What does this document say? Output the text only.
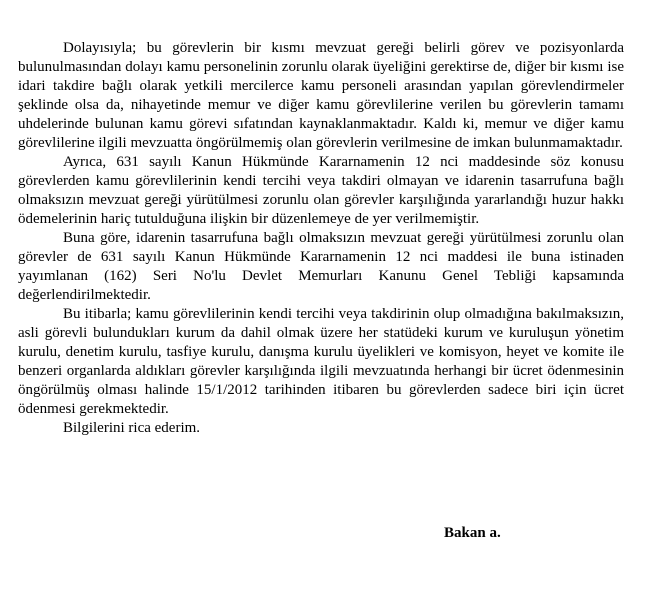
Dolayısıyla; bu görevlerin bir kısmı mevzuat gereği belirli görev ve pozisyonlarda bulunulmasından dolayı kamu personelinin zorunlu olarak üyeliğini gerektirse de, diğer bir kısmı ise idari takdire bağlı olarak yetkili mercilerce kamu personeli arasından yapılan görevlendirmeler şeklinde olsa da, nihayetinde memur ve diğer kamu görevlilerine verilen bu görevlerin tamamı uhdelerinde bulunan kamu görevi sıfatından kaynaklanmaktadır. Kaldı ki, memur ve diğer kamu görevlilerine ilgili mevzuatta öngörülmemiş olan görevlerin verilmesine de imkan bulunmamaktadır.

Ayrıca, 631 sayılı Kanun Hükmünde Kararnamenin 12 nci maddesinde söz konusu görevlerden kamu görevlilerinin kendi tercihi veya takdiri olmayan ve idarenin tasarrufuna bağlı olmaksızın mevzuat gereği yürütülmesi zorunlu olan görevler karşılığında yararlandığı huzur hakkı ödemelerinin hariç tutulduğuna ilişkin bir düzenlemeye de yer verilmemiştir.

Buna göre, idarenin tasarrufuna bağlı olmaksızın mevzuat gereği yürütülmesi zorunlu olan görevler de 631 sayılı Kanun Hükmünde Kararnamenin 12 nci maddesi ile buna istinaden yayımlanan (162) Seri No'lu Devlet Memurları Kanunu Genel Tebliği kapsamında değerlendirilmektedir.

Bu itibarla; kamu görevlilerinin kendi tercihi veya takdirinin olup olmadığına bakılmaksızın, asli görevli bulundukları kurum da dahil olmak üzere her statüdeki kurum ve kuruluşun yönetim kurulu, denetim kurulu, tasfiye kurulu, danışma kurulu üyelikleri ve komisyon, heyet ve komite ile benzeri organlarda aldıkları görevler karşılığında ilgili mevzuatında herhangi bir ücret ödenmesinin öngörülmüş olması halinde 15/1/2012 tarihinden itibaren bu görevlerden sadece biri için ücret ödenmesi gerekmektedir.

Bilgilerini rica ederim.

Bakan a.
